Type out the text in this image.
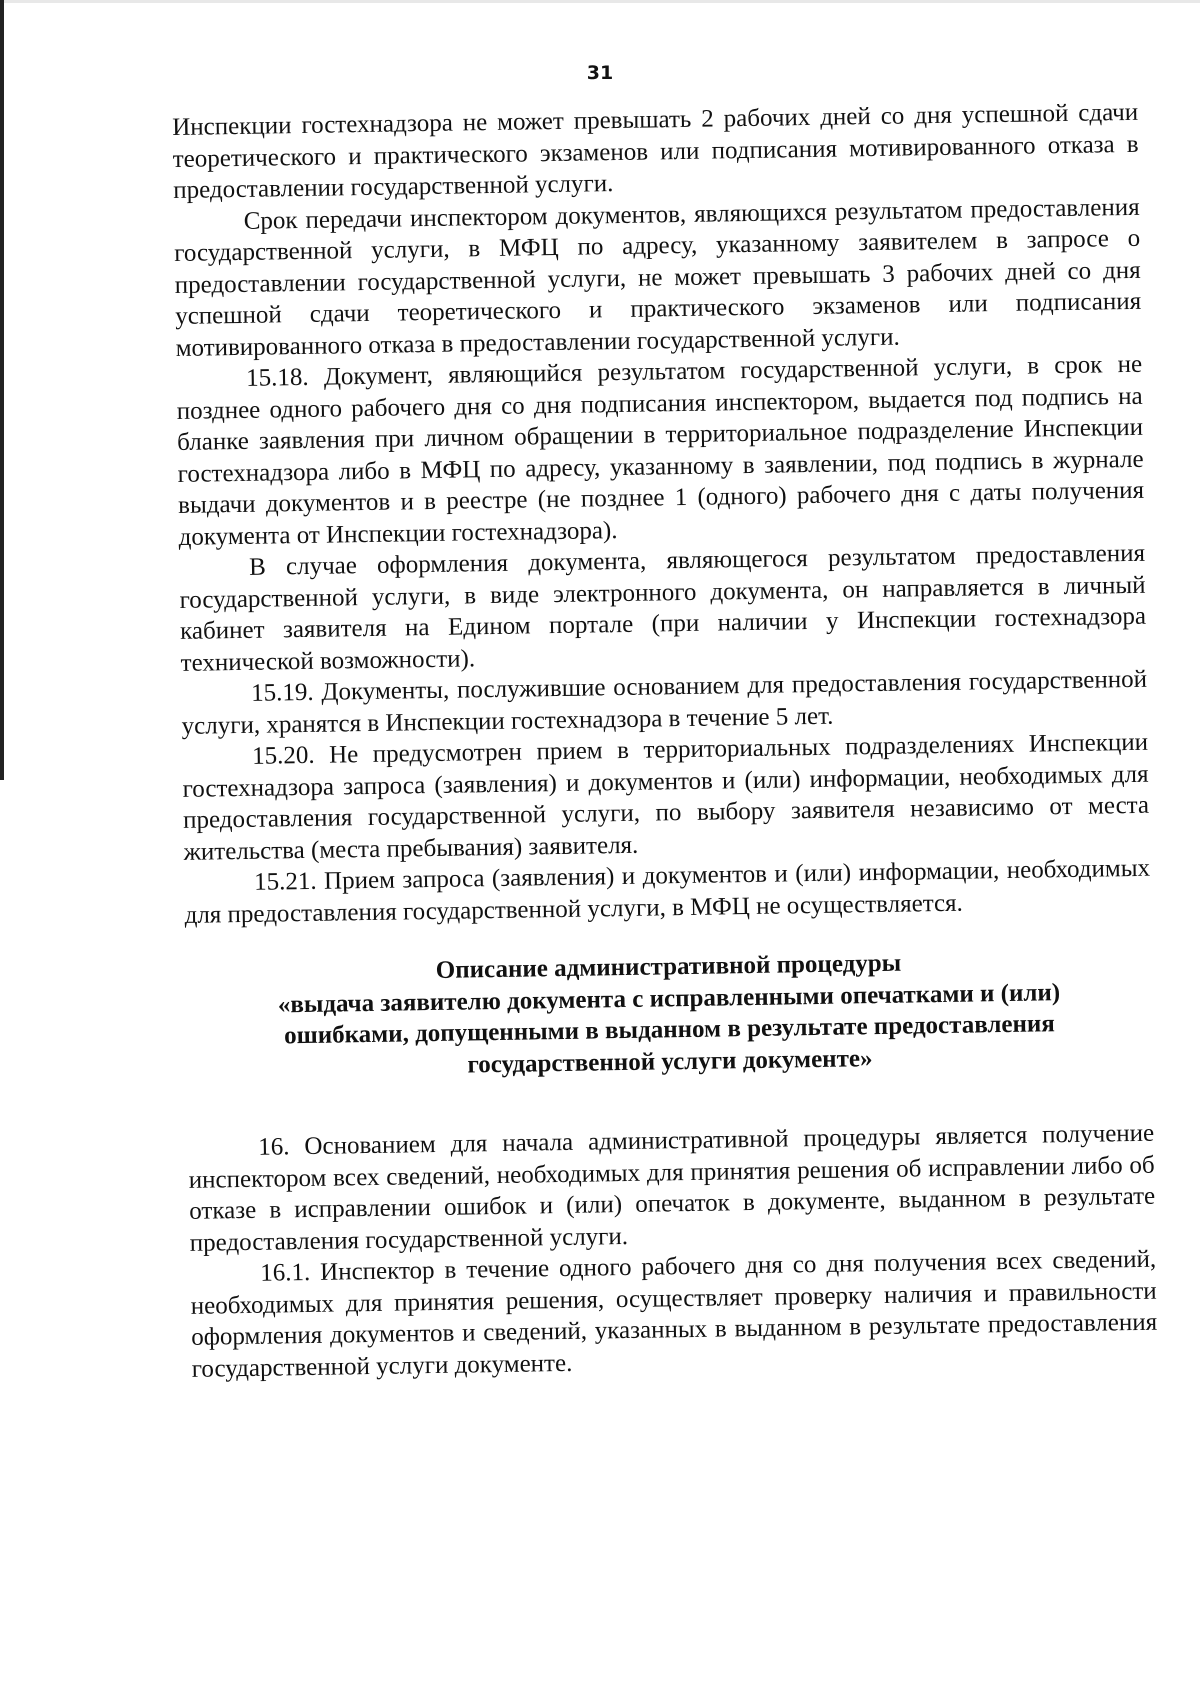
31

Инспекции гостехнадзора не может превышать 2 рабочих дней со дня успешной сдачи теоретического и практического экзаменов или подписания мотивированного отказа в предоставлении государственной услуги.

Срок передачи инспектором документов, являющихся результатом предоставления государственной услуги, в МФЦ по адресу, указанному заявителем в запросе о предоставлении государственной услуги, не может превышать 3 рабочих дней со дня успешной сдачи теоретического и практического экзаменов или подписания мотивированного отказа в предоставлении государственной услуги.

15.18. Документ, являющийся результатом государственной услуги, в срок не позднее одного рабочего дня со дня подписания инспектором, выдается под подпись на бланке заявления при личном обращении в территориальное подразделение Инспекции гостехнадзора либо в МФЦ по адресу, указанному в заявлении, под подпись в журнале выдачи документов и в реестре (не позднее 1 (одного) рабочего дня с даты получения документа от Инспекции гостехнадзора).

В случае оформления документа, являющегося результатом предоставления государственной услуги, в виде электронного документа, он направляется в личный кабинет заявителя на Едином портале (при наличии у Инспекции гостехнадзора технической возможности).

15.19. Документы, послужившие основанием для предоставления государственной услуги, хранятся в Инспекции гостехнадзора в течение 5 лет.

15.20. Не предусмотрен прием в территориальных подразделениях Инспекции гостехнадзора запроса (заявления) и документов и (или) информации, необходимых для предоставления государственной услуги, по выбору заявителя независимо от места жительства (места пребывания) заявителя.

15.21. Прием запроса (заявления) и документов и (или) информации, необходимых для предоставления государственной услуги, в МФЦ не осуществляется.

Описание административной процедуры
«выдача заявителю документа с исправленными опечатками и (или)
ошибками, допущенными в выданном в результате предоставления
государственной услуги документе»

16. Основанием для начала административной процедуры является получение инспектором всех сведений, необходимых для принятия решения об исправлении либо об отказе в исправлении ошибок и (или) опечаток в документе, выданном в результате предоставления государственной услуги.

16.1. Инспектор в течение одного рабочего дня со дня получения всех сведений, необходимых для принятия решения, осуществляет проверку наличия и правильности оформления документов и сведений, указанных в выданном в результате предоставления государственной услуги документе.
